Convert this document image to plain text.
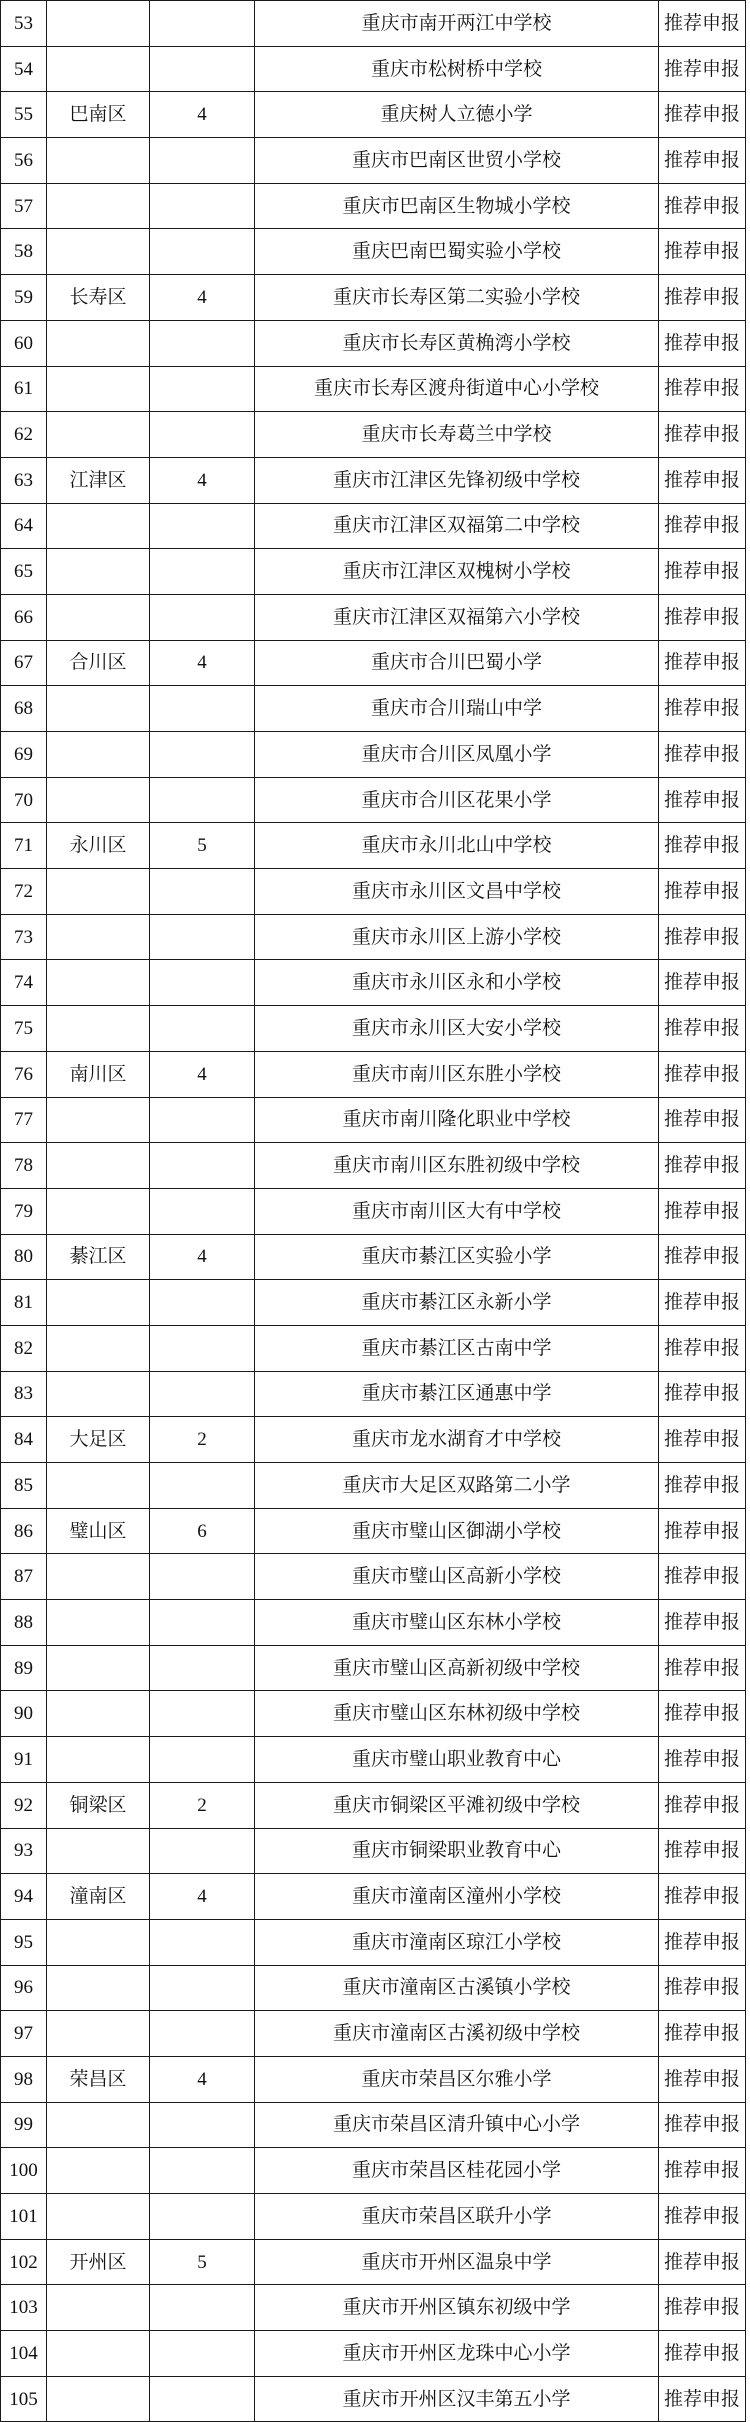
53			重庆市南开两江中学校	推荐申报
54			重庆市松树桥中学校	推荐申报
55	巴南区	4	重庆树人立德小学	推荐申报
56			重庆市巴南区世贸小学校	推荐申报
57			重庆市巴南区生物城小学校	推荐申报
58			重庆巴南巴蜀实验小学校	推荐申报
59	长寿区	4	重庆市长寿区第二实验小学校	推荐申报
60			重庆市长寿区黄桷湾小学校	推荐申报
61			重庆市长寿区渡舟街道中心小学校	推荐申报
62			重庆市长寿葛兰中学校	推荐申报
63	江津区	4	重庆市江津区先锋初级中学校	推荐申报
64			重庆市江津区双福第二中学校	推荐申报
65			重庆市江津区双槐树小学校	推荐申报
66			重庆市江津区双福第六小学校	推荐申报
67	合川区	4	重庆市合川巴蜀小学	推荐申报
68			重庆市合川瑞山中学	推荐申报
69			重庆市合川区凤凰小学	推荐申报
70			重庆市合川区花果小学	推荐申报
71	永川区	5	重庆市永川北山中学校	推荐申报
72			重庆市永川区文昌中学校	推荐申报
73			重庆市永川区上游小学校	推荐申报
74			重庆市永川区永和小学校	推荐申报
75			重庆市永川区大安小学校	推荐申报
76	南川区	4	重庆市南川区东胜小学校	推荐申报
77			重庆市南川隆化职业中学校	推荐申报
78			重庆市南川区东胜初级中学校	推荐申报
79			重庆市南川区大有中学校	推荐申报
80	綦江区	4	重庆市綦江区实验小学	推荐申报
81			重庆市綦江区永新小学	推荐申报
82			重庆市綦江区古南中学	推荐申报
83			重庆市綦江区通惠中学	推荐申报
84	大足区	2	重庆市龙水湖育才中学校	推荐申报
85			重庆市大足区双路第二小学	推荐申报
86	璧山区	6	重庆市璧山区御湖小学校	推荐申报
87			重庆市璧山区高新小学校	推荐申报
88			重庆市璧山区东林小学校	推荐申报
89			重庆市璧山区高新初级中学校	推荐申报
90			重庆市璧山区东林初级中学校	推荐申报
91			重庆市璧山职业教育中心	推荐申报
92	铜梁区	2	重庆市铜梁区平滩初级中学校	推荐申报
93			重庆市铜梁职业教育中心	推荐申报
94	潼南区	4	重庆市潼南区潼州小学校	推荐申报
95			重庆市潼南区琼江小学校	推荐申报
96			重庆市潼南区古溪镇小学校	推荐申报
97			重庆市潼南区古溪初级中学校	推荐申报
98	荣昌区	4	重庆市荣昌区尔雅小学	推荐申报
99			重庆市荣昌区清升镇中心小学	推荐申报
100			重庆市荣昌区桂花园小学	推荐申报
101			重庆市荣昌区联升小学	推荐申报
102	开州区	5	重庆市开州区温泉中学	推荐申报
103			重庆市开州区镇东初级中学	推荐申报
104			重庆市开州区龙珠中心小学	推荐申报
105			重庆市开州区汉丰第五小学	推荐申报
